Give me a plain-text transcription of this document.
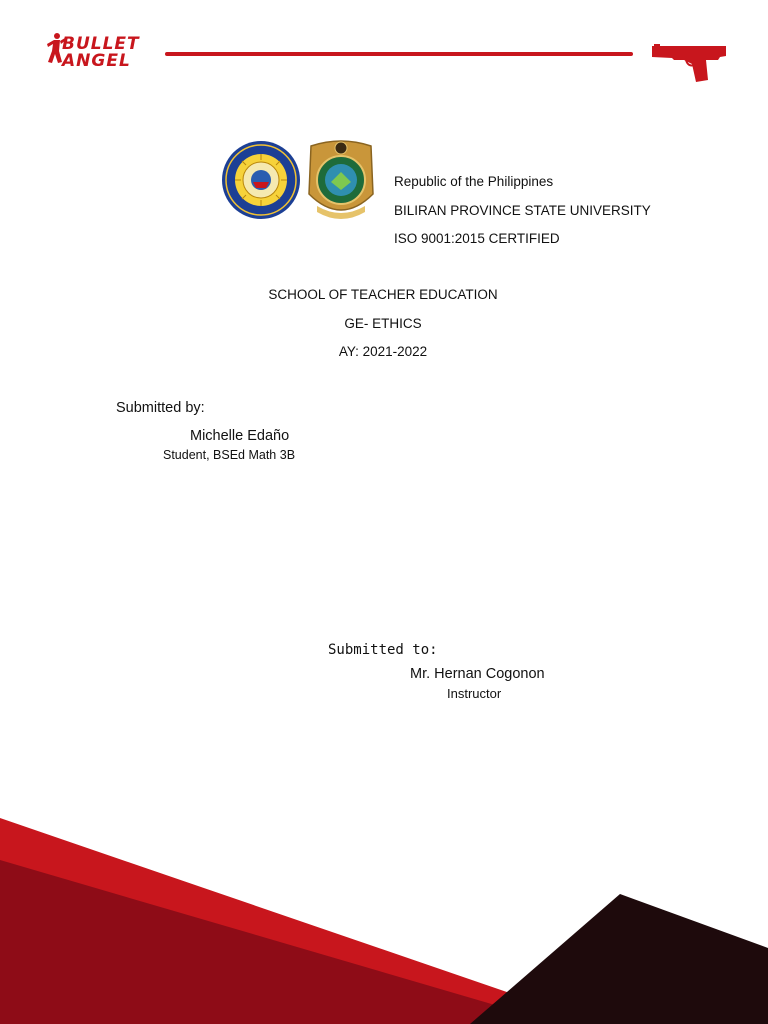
BULLET
ANGEL
Republic of the Philippines
BILIRAN PROVINCE STATE UNIVERSITY
ISO 9001:2015 CERTIFIED
SCHOOL OF TEACHER EDUCATION
GE- ETHICS
AY: 2021-2022
Submitted by:
Michelle Edaño
Student, BSEd Math 3B
Submitted to:
Mr. Hernan Cogonon
Instructor
